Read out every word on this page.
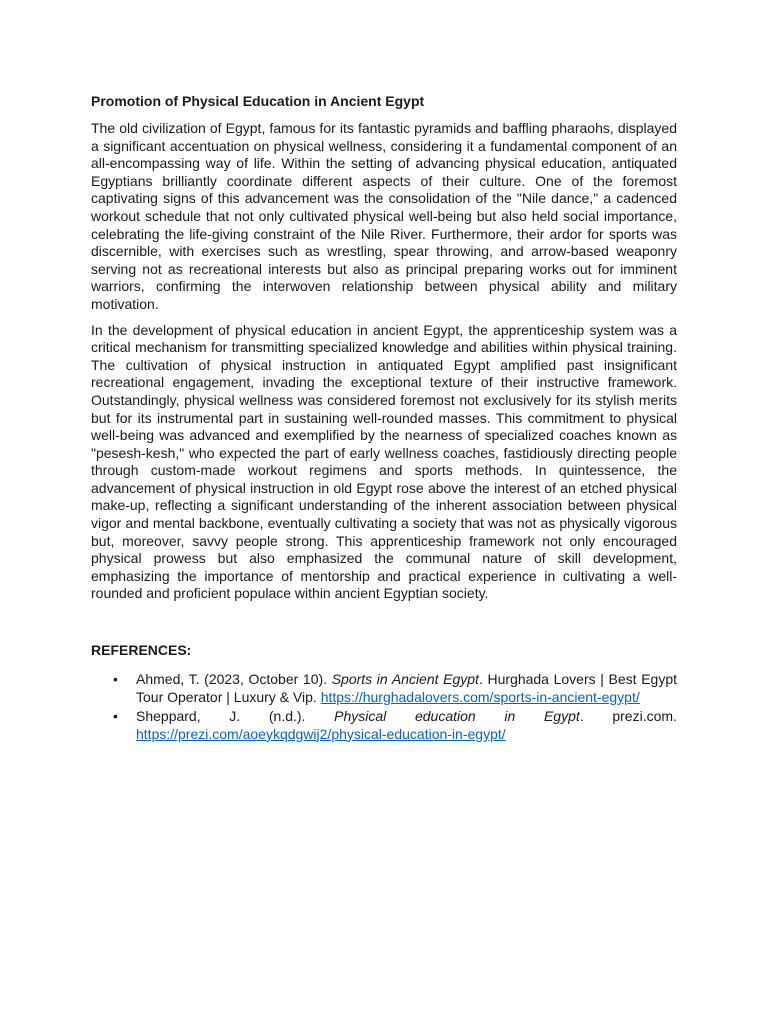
Promotion of Physical Education in Ancient Egypt

The old civilization of Egypt, famous for its fantastic pyramids and baffling pharaohs, displayed a significant accentuation on physical wellness, considering it a fundamental component of an all-encompassing way of life. Within the setting of advancing physical education, antiquated Egyptians brilliantly coordinate different aspects of their culture. One of the foremost captivating signs of this advancement was the consolidation of the "Nile dance," a cadenced workout schedule that not only cultivated physical well-being but also held social importance, celebrating the life-giving constraint of the Nile River. Furthermore, their ardor for sports was discernible, with exercises such as wrestling, spear throwing, and arrow-based weaponry serving not as recreational interests but also as principal preparing works out for imminent warriors, confirming the interwoven relationship between physical ability and military motivation.

In the development of physical education in ancient Egypt, the apprenticeship system was a critical mechanism for transmitting specialized knowledge and abilities within physical training. The cultivation of physical instruction in antiquated Egypt amplified past insignificant recreational engagement, invading the exceptional texture of their instructive framework. Outstandingly, physical wellness was considered foremost not exclusively for its stylish merits but for its instrumental part in sustaining well-rounded masses. This commitment to physical well-being was advanced and exemplified by the nearness of specialized coaches known as "pesesh-kesh," who expected the part of early wellness coaches, fastidiously directing people through custom-made workout regimens and sports methods. In quintessence, the advancement of physical instruction in old Egypt rose above the interest of an etched physical make-up, reflecting a significant understanding of the inherent association between physical vigor and mental backbone, eventually cultivating a society that was not as physically vigorous but, moreover, savvy people strong. This apprenticeship framework not only encouraged physical prowess but also emphasized the communal nature of skill development, emphasizing the importance of mentorship and practical experience in cultivating a well-rounded and proficient populace within ancient Egyptian society.

REFERENCES:
• Ahmed, T. (2023, October 10). Sports in Ancient Egypt. Hurghada Lovers | Best Egypt Tour Operator | Luxury & Vip. https://hurghadalovers.com/sports-in-ancient-egypt/
• Sheppard, J. (n.d.). Physical education in Egypt. prezi.com.
https://prezi.com/aoeykqdgwij2/physical-education-in-egypt/
